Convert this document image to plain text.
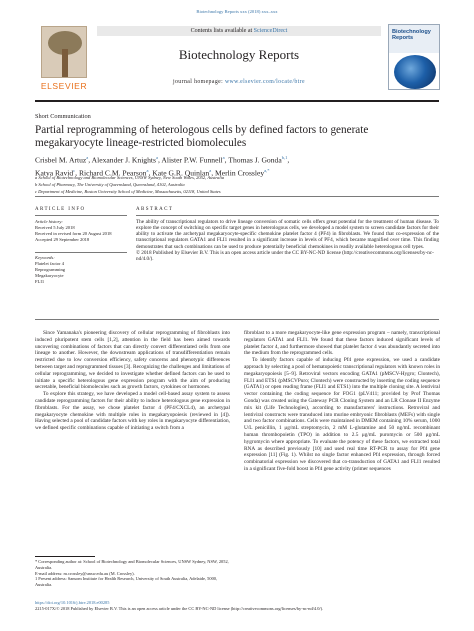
Biotechnology Reports xxx (2018) xxx–xxx
ELSEVIER
Contents lists available at ScienceDirect
Biotechnology Reports
journal homepage: www.elsevier.com/locate/btre
Biotechnology Reports
Short Communication
Partial reprogramming of heterologous cells by defined factors to generate megakaryocyte lineage-restricted biomolecules
Crisbel M. Artuz$^a$, Alexander J. Knights$^a$, Alister P.W. Funnell$^a$, Thomas J. Gonda$^{b,1}$,
Katya Ravid$^c$, Richard C.M. Pearson$^a$, Kate G.R. Quinlan$^a$, Merlin Crossley$^{a,*}$
a School of Biotechnology and Biomolecular Sciences, UNSW Sydney, New South Wales, 2052, Australia
b School of Pharmacy, The University of Queensland, Queensland, 4102, Australia
c Department of Medicine, Boston University School of Medicine, Massachusetts, 02118, United States
ARTICLE INFO
Article history:
Received 5 July 2018
Received in revised form 20 August 2018
Accepted 29 September 2018
Keywords:
Platelet factor 4
Reprogramming
Megakaryocyte
FLI1
ABSTRACT
The ability of transcriptional regulators to drive lineage conversion of somatic cells offers great potential for the treatment of human disease. To explore the concept of switching on specific target genes in heterologous cells, we developed a model system to screen candidate factors for their ability to activate the archetypal megakaryocyte-specific chemokine platelet factor 4 (PF4) in fibroblasts. We found that co-expression of the transcriptional regulators GATA1 and FLI1 resulted in a significant increase in levels of PF4, which became magnified over time. This finding demonstrates that such combinations can be used to produce potentially beneficial chemokines in readily available heterologous cell types.
© 2018 Published by Elsevier B.V. This is an open access article under the CC BY-NC-ND license (http://creativecommons.org/licenses/by-nc-nd/4.0/).

Since Yamanaka's pioneering discovery of cellular reprogramming of fibroblasts into induced pluripotent stem cells [1,2], attention in the field has been aimed towards uncovering combinations of factors that can directly convert differentiated cells from one lineage to another. However, the downstream applications of transdifferentiation remain restricted due to low conversion efficiency, safety concerns and phenotypic differences between target and reprogrammed tissues [3]. Recognizing the challenges and limitations of cellular reprogramming, we decided to investigate whether defined factors can be used to initiate a specific heterologous gene expression program with the aim of producing secretable, beneficial biomolecules such as growth factors, cytokines or hormones.

To explore this strategy, we have developed a model cell-based assay system to assess candidate reprogramming factors for their ability to induce heterologous gene expression in fibroblasts. For the assay, we chose platelet factor 4 (PF4/CXCL4), an archetypal megakaryocyte chemokine with multiple roles in megakaryopoiesis (reviewed in [4]). Having selected a pool of candidate factors with key roles in megakaryocyte differentiation, we defined specific combinations capable of initiating a switch from a

fibroblast to a more megakaryocyte-like gene expression program – namely, transcriptional regulators GATA1 and FLI1. We found that these factors induced significant levels of platelet factor 4, and furthermore showed that platelet factor 4 was abundantly secreted into the medium from the reprogrammed cells.

To identify factors capable of inducing Pf4 gene expression, we used a candidate approach by selecting a pool of hematopoietic transcriptional regulators with known roles in megakaryopoiesis [5–9]. Retroviral vectors encoding GATA1 (pMSCV-Hygro; Clontech), FLI1 and ETS1 (pMSCVPuro; Clontech) were constructed by inserting the coding sequence (GATA1) or open reading frame (FLI1 and ETS1) into the multiple cloning site. A lentiviral vector containing the coding sequence for FOG1 (pLV411; provided by Prof Thomas Gonda) was created using the Gateway PCR Cloning System and an LR Clonase II Enzyme mix kit (Life Technologies), according to manufacturers' instructions. Retroviral and lentiviral constructs were transduced into murine embryonic fibroblasts (MEFs) with single and two factor combinations. Cells were maintained in DMEM containing 10% serum, 1000 U/L penicillin, 1 μg/mL streptomycin, 2 mM L-glutamine and 50 ng/mL recombinant human thrombopoietin (TPO) in addition to 2.5 μg/mL puromycin or 500 μg/mL hygromycin where appropriate. To evaluate the potency of these factors, we extracted total RNA as described previously [10] and used real time RT-PCR to assay for Pf4 gene expression [11] (Fig. 1). Whilst no single factor enhanced Pf4 expression, through forced combinatorial expression we discovered that co-transduction of GATA1 and FLI1 resulted in a significant five-fold boost in Pf4 gene activity (primer sequences

* Corresponding author at: School of Biotechnology and Biomolecular Sciences, UNSW Sydney, NSW, 2052, Australia.
E-mail address: m.crossley@unsw.edu.au (M. Crossley).
1 Present address: Sansom Institute for Health Research, University of South Australia, Adelaide, 5000, Australia.
https://doi.org/10.1016/j.btre.2018.e00285
2215-017X/© 2018 Published by Elsevier B.V. This is an open access article under the CC BY-NC-ND license (http://creativecommons.org/licenses/by-nc-nd/4.0/).
